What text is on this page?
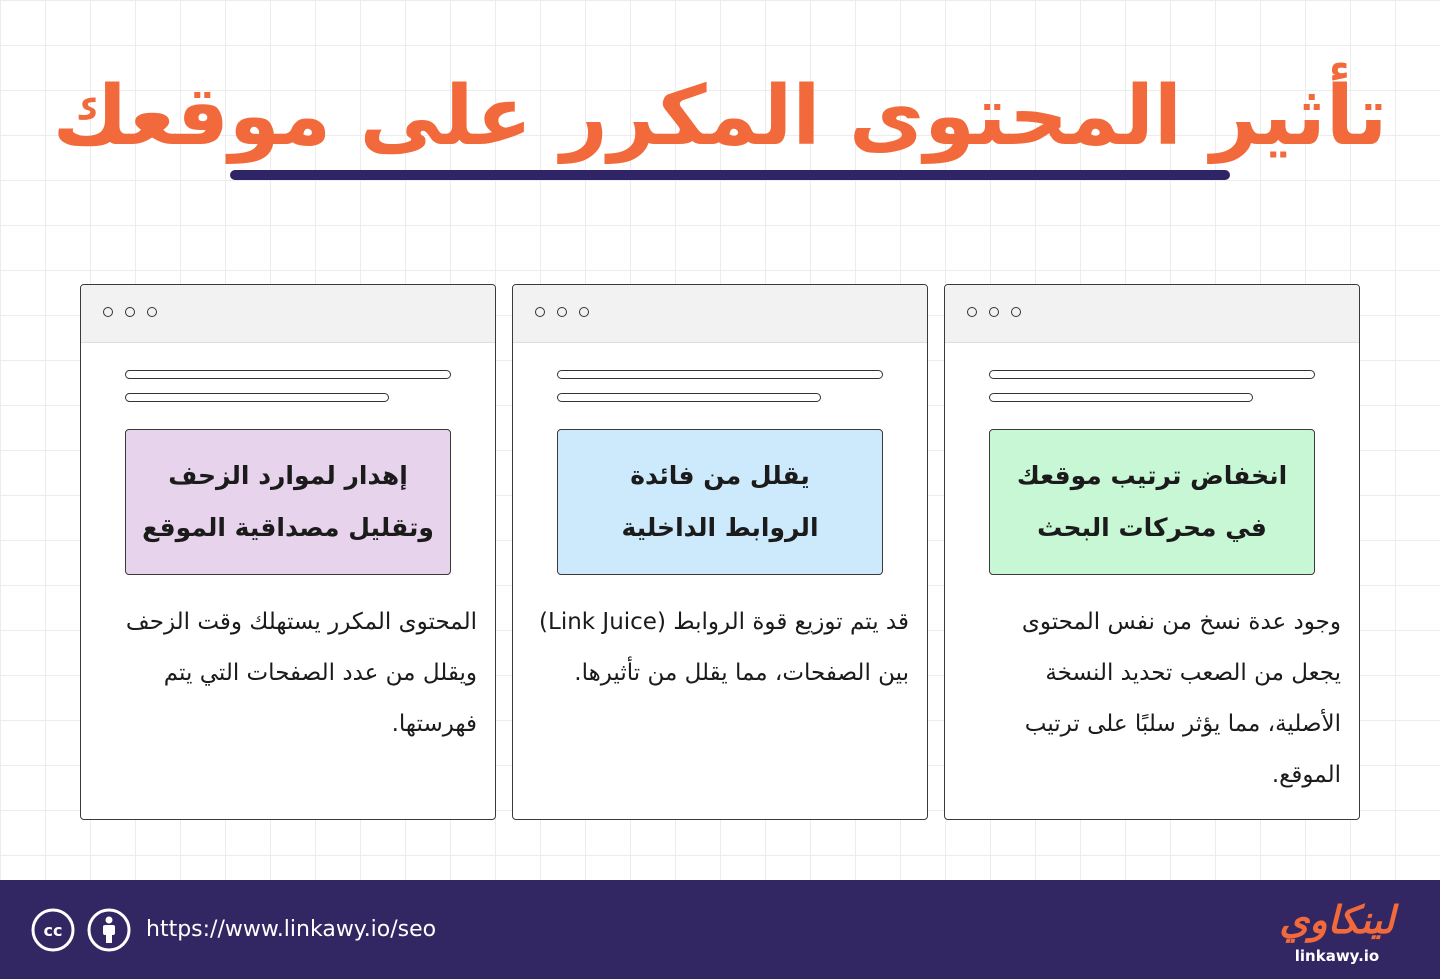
تأثير المحتوى المكرر على موقعك
انخفاض ترتيب موقعك
في محركات البحث
وجود عدة نسخ من نفس المحتوى يجعل من الصعب تحديد النسخة الأصلية، مما يؤثر سلبًا على ترتيب الموقع.
يقلل من فائدة
الروابط الداخلية
قد يتم توزيع قوة الروابط (Link Juice) بين الصفحات، مما يقلل من تأثيرها.
إهدار لموارد الزحف
وتقليل مصداقية الموقع
المحتوى المكرر يستهلك وقت الزحف ويقلل من عدد الصفحات التي يتم فهرستها.
cc	https://www.linkawy.io/seo	لينكاوي
linkawy.io
